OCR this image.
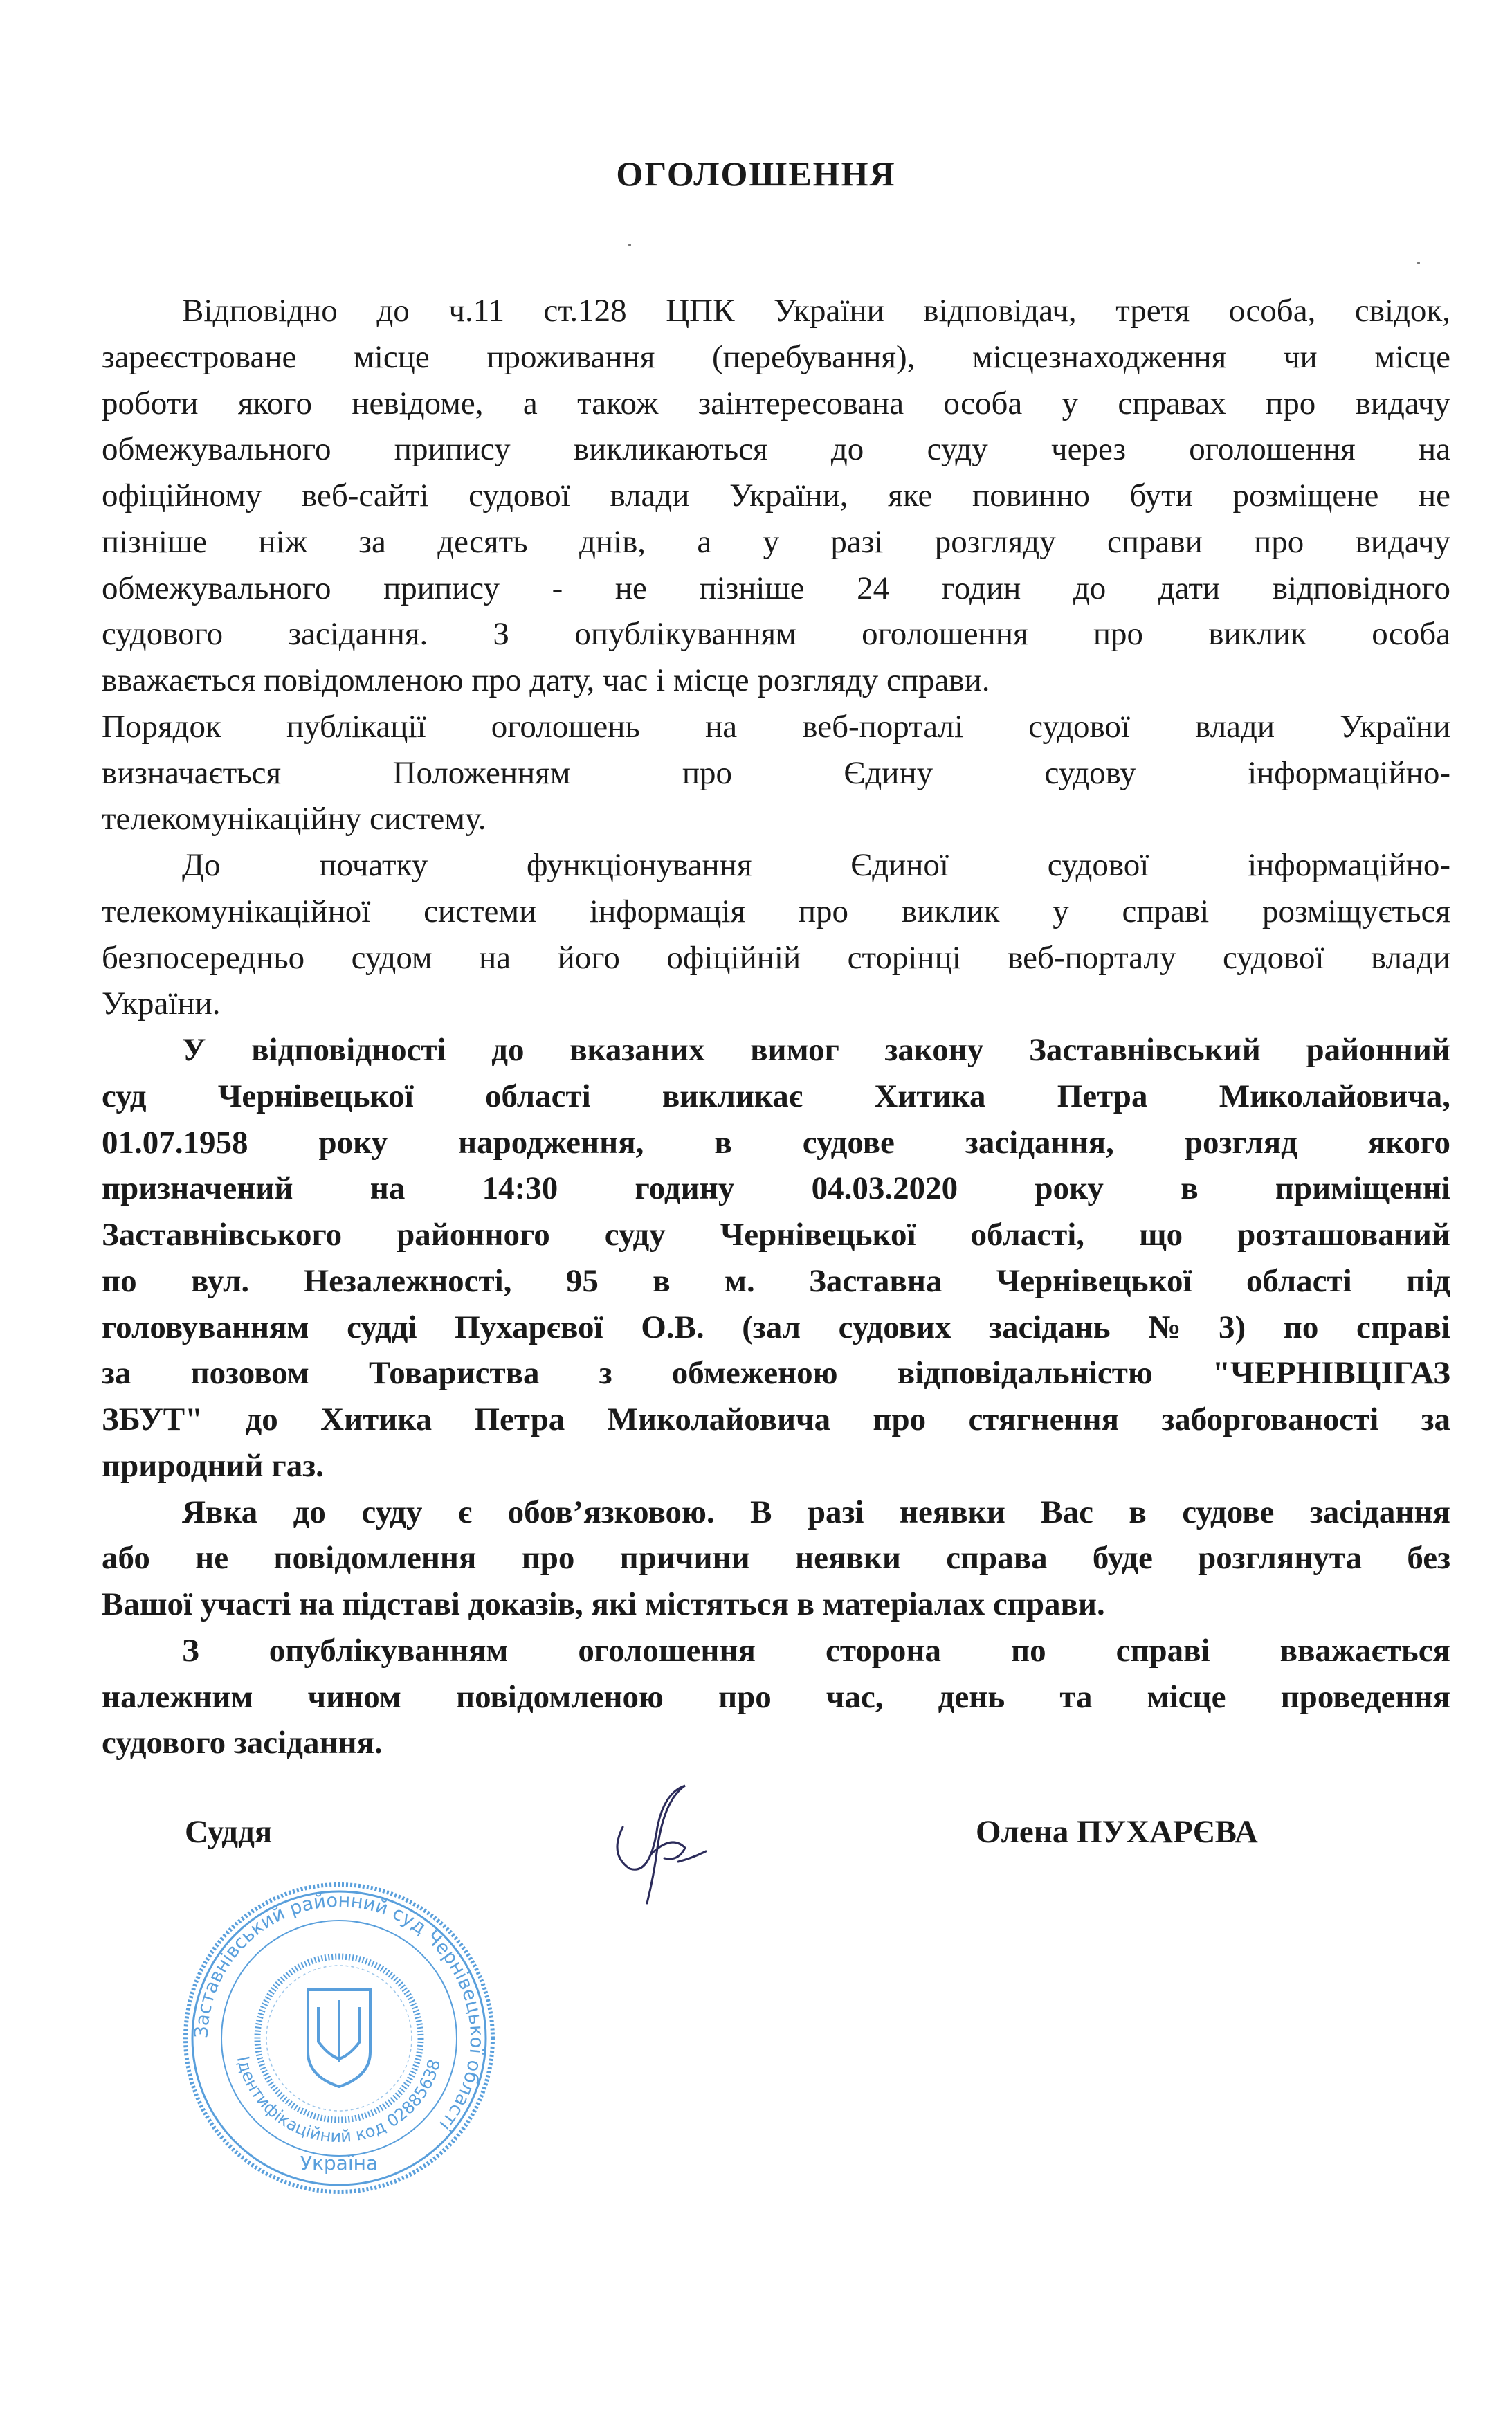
ОГОЛОШЕННЯ
Відповідно до ч.11 ст.128 ЦПК України відповідач, третя особа, свідок,
зареєстроване місце проживання (перебування), місцезнаходження чи місце
роботи якого невідоме, а також заінтересована особа у справах про видачу
обмежувального припису викликаються до суду через оголошення на
офіційному веб-сайті судової влади України, яке повинно бути розміщене не
пізніше ніж за десять днів, а у разі розгляду справи про видачу
обмежувального припису - не пізніше 24 годин до дати відповідного
судового засідання. З опублікуванням оголошення про виклик особа
вважається повідомленою про дату, час і місце розгляду справи.
Порядок публікації оголошень на веб-порталі судової влади України
визначається Положенням про Єдину судову інформаційно-
телекомунікаційну систему.
До початку функціонування Єдиної судової інформаційно-
телекомунікаційної системи інформація про виклик у справі розміщується
безпосередньо судом на його офіційній сторінці веб-порталу судової влади
України.
У відповідності до вказаних вимог закону Заставнівський районний
суд Чернівецької області викликає Хитика Петра Миколайовича,
01.07.1958 року народження, в судове засідання, розгляд якого
призначений на 14:30 годину 04.03.2020 року в приміщенні
Заставнівського районного суду Чернівецької області, що розташований
по вул. Незалежності, 95 в м. Заставна Чернівецької області під
головуванням судді Пухарєвої О.В. (зал судових засідань № 3) по справі
за позовом Товариства з обмеженою відповідальністю "ЧЕРНІВЦІГАЗ
ЗБУТ" до Хитика Петра Миколайовича про стягнення заборгованості за
природний газ.
Явка до суду є обов’язковою. В разі неявки Вас в судове засідання
або не повідомлення про причини неявки справа буде розглянута без
Вашої участі на підставі доказів, які містяться в матеріалах справи.
З опублікуванням оголошення сторона по справі вважається
належним чином повідомленою про час, день та місце проведення
судового засідання.
Заставнівський районний суд Чернівецької області
Ідентифікаційний код 02885638
Україна
Суддя	Олена ПУХАРЄВА
